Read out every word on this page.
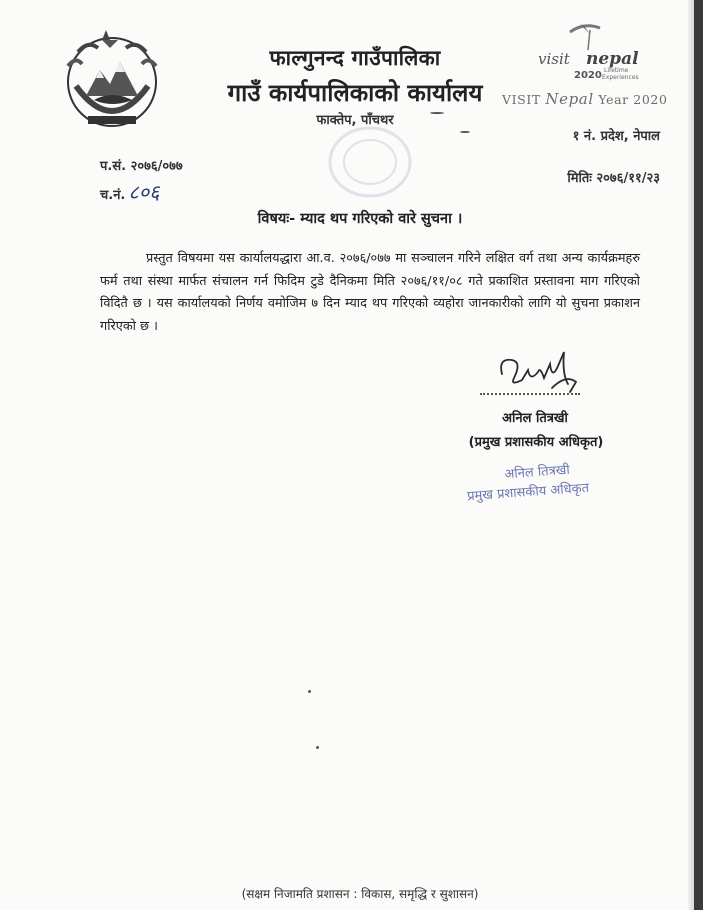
फाल्गुनन्द गाउँपालिका
गाउँ कार्यपालिकाको कार्यालय
फाक्तेप, पाँचथर
visit nepal
2020 Lifetime
Experiences
VISIT Nepal Year 2020
१ नं. प्रदेश, नेपाल
प.सं. २०७६/०७७
च.नं. ८०६
मितिः २०७६/११/२३
विषयः- म्याद थप गरिएको वारे सुचना ।
प्रस्तुत विषयमा यस कार्यालयद्धारा आ.व. २०७६/०७७ मा सञ्चालन गरिने लक्षित वर्ग तथा अन्य कार्यक्रमहरु फर्म तथा संस्था मार्फत संचालन गर्न फिदिम टुडे दैनिकमा मिति २०७६/११/०८ गते प्रकाशित प्रस्तावना माग गरिएको विदितै छ । यस कार्यालयको निर्णय वमोजिम ७ दिन म्याद थप गरिएको व्यहोरा जानकारीको लागि यो सुचना प्रकाशन गरिएको छ ।
अनिल तित्रखी
(प्रमुख प्रशासकीय अधिकृत)
अनिल तित्रखी
प्रमुख प्रशासकीय अधिकृत
(सक्षम निजामति प्रशासन : विकास, समृद्धि र सुशासन)
